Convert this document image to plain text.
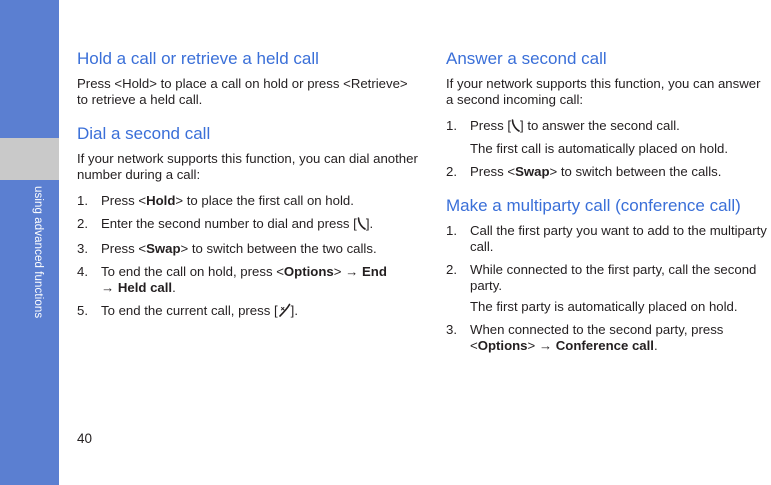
using advanced functions
Hold a call or retrieve a held call

Press <Hold> to place a call on hold or press <Retrieve> to retrieve a held call.

Dial a second call

If your network supports this function, you can dial another number during a call:

1. Press <Hold> to place the first call on hold.
2. Enter the second number to dial and press [ ].
3. Press <Swap> to switch between the two calls.
4. To end the call on hold, press <Options> → End
→ Held call.
5. To end the current call, press [ ].
Answer a second call

If your network supports this function, you can answer a second incoming call:

1. Press [ ] to answer the second call.
The first call is automatically placed on hold.
2. Press <Swap> to switch between the calls.
Make a multiparty call (conference call)
1. Call the first party you want to add to the multiparty call.
2. While connected to the first party, call the second party.
The first party is automatically placed on hold.
3. When connected to the second party, press <Options> → Conference call.
40
